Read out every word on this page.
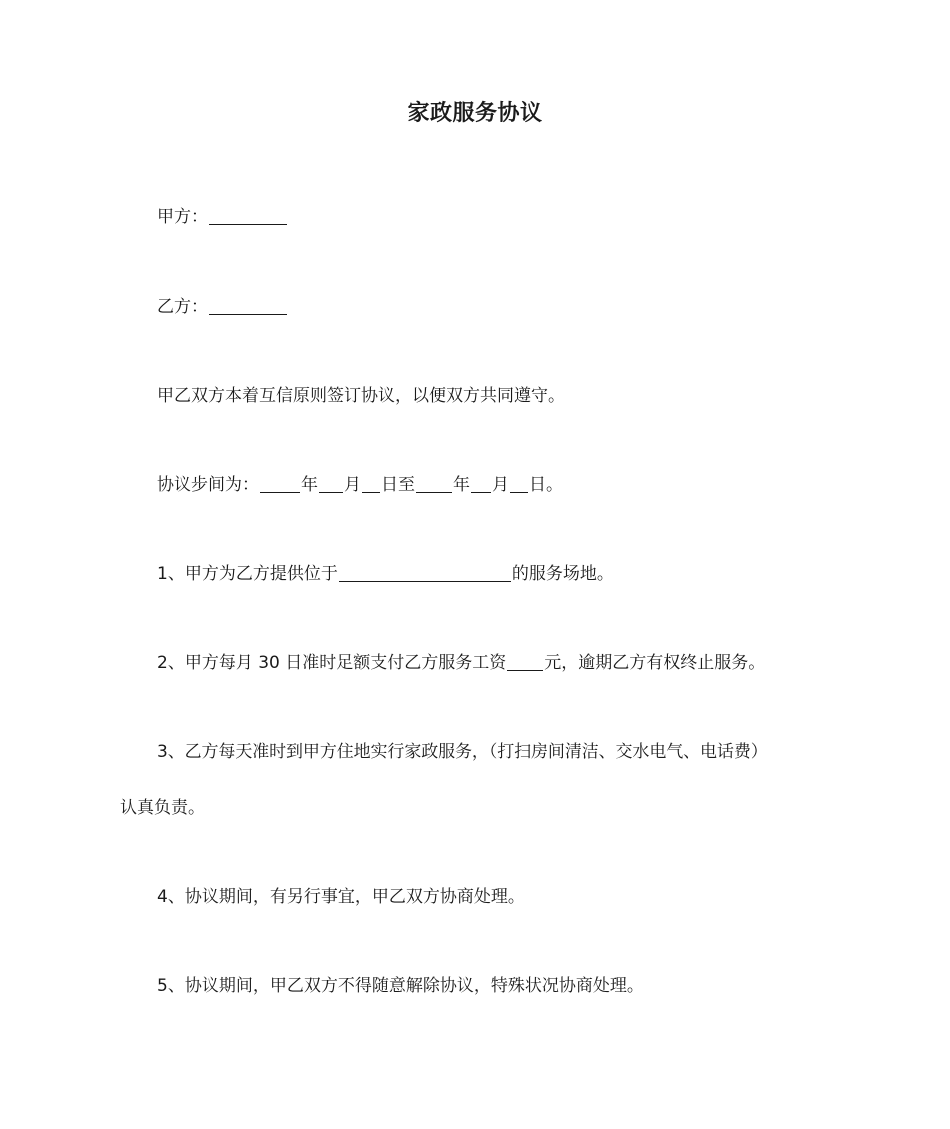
家政服务协议
甲方：
乙方：
甲乙双方本着互信原则签订协议，以便双方共同遵守。
协议步间为： 年 月 日至 年 月 日。
1、甲方为乙方提供位于	的服务场地。
2、甲方每月 30 日准时足额支付乙方服务工资 元，逾期乙方有权终止服务。
3、乙方每天准时到甲方住地实行家政服务，（打扫房间清洁、交水电气、电话费）
认真负责。
4、协议期间，有另行事宜，甲乙双方协商处理。
5、协议期间，甲乙双方不得随意解除协议，特殊状况协商处理。
